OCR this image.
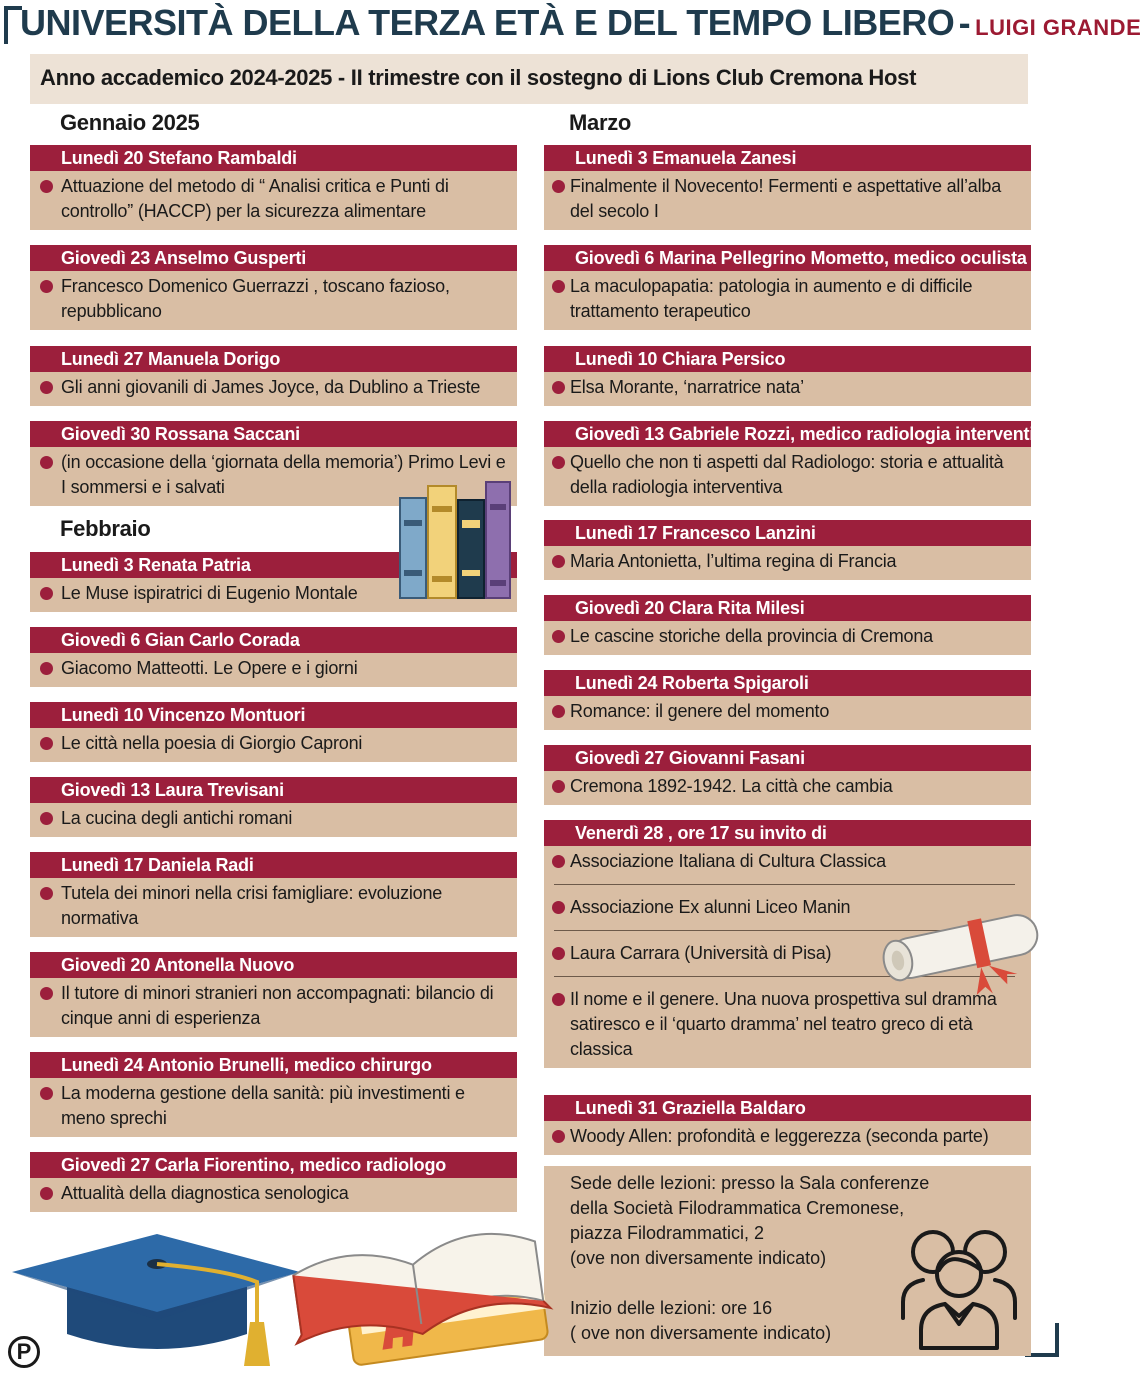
UNIVERSITÀ DELLA TERZA ETÀ E DEL TEMPO LIBERO - LUIGI GRANDE
Anno accademico 2024-2025 - II trimestre con il sostegno di Lions Club Cremona Host
Gennaio 2025
Febbraio
Marzo
Lunedì 20 Stefano Rambaldi
Attuazione del metodo di “ Analisi critica e Punti di controllo” (HACCP) per la sicurezza alimentare
Giovedì 23 Anselmo Gusperti
Francesco Domenico Guerrazzi , toscano fazioso, repubblicano
Lunedì 27 Manuela Dorigo
Gli anni giovanili di James Joyce, da Dublino a Trieste
Giovedì 30 Rossana Saccani
(in occasione della ‘giornata della memoria’) Primo Levi e I sommersi e i salvati
Lunedì 3 Renata Patria
Le Muse ispiratrici di Eugenio Montale
Giovedì 6 Gian Carlo Corada
Giacomo Matteotti. Le Opere e i giorni
Lunedì 10 Vincenzo Montuori
Le città nella poesia di Giorgio Caproni
Giovedì 13 Laura Trevisani
La cucina degli antichi romani
Lunedì 17 Daniela Radi
Tutela dei minori nella crisi famigliare: evoluzione normativa
Giovedì 20 Antonella Nuovo
Il tutore di minori stranieri non accompagnati: bilancio di cinque anni di esperienza
Lunedì 24 Antonio Brunelli, medico chirurgo
La moderna gestione della sanità: più investimenti e meno sprechi
Giovedì 27 Carla Fiorentino, medico radiologo
Attualità della diagnostica senologica
Lunedì 3 Emanuela Zanesi
Finalmente il Novecento! Fermenti e aspettative all’alba del secolo I
Giovedì 6 Marina Pellegrino Mometto, medico oculista
La maculopapatia: patologia in aumento e di difficile trattamento terapeutico
Lunedì 10 Chiara Persico
Elsa Morante, ‘narratrice nata’
Giovedì 13 Gabriele Rozzi, medico radiologia interventiva
Quello che non ti aspetti dal Radiologo: storia e attualità della radiologia interventiva
Lunedì 17 Francesco Lanzini
Maria Antonietta, l’ultima regina di Francia
Giovedì 20 Clara Rita Milesi
Le cascine storiche della provincia di Cremona
Lunedì 24 Roberta Spigaroli
Romance: il genere del momento
Giovedì 27 Giovanni Fasani
Cremona 1892-1942. La città che cambia
Venerdì 28 , ore 17 su invito di
Associazione Italiana di Cultura Classica
Associazione Ex alunni Liceo Manin
Laura Carrara (Università di Pisa)
Il nome e il genere. Una nuova prospettiva sul dramma satiresco e il ‘quarto dramma’ nel teatro greco di età classica
Lunedì 31 Graziella Baldaro
Woody Allen: profondità e leggerezza (seconda parte)
Sede delle lezioni: presso la Sala conferenze
della Società Filodrammatica Cremonese,
piazza Filodrammatici, 2
(ove non diversamente indicato)
Inizio delle lezioni: ore 16
( ove non diversamente indicato)
P
